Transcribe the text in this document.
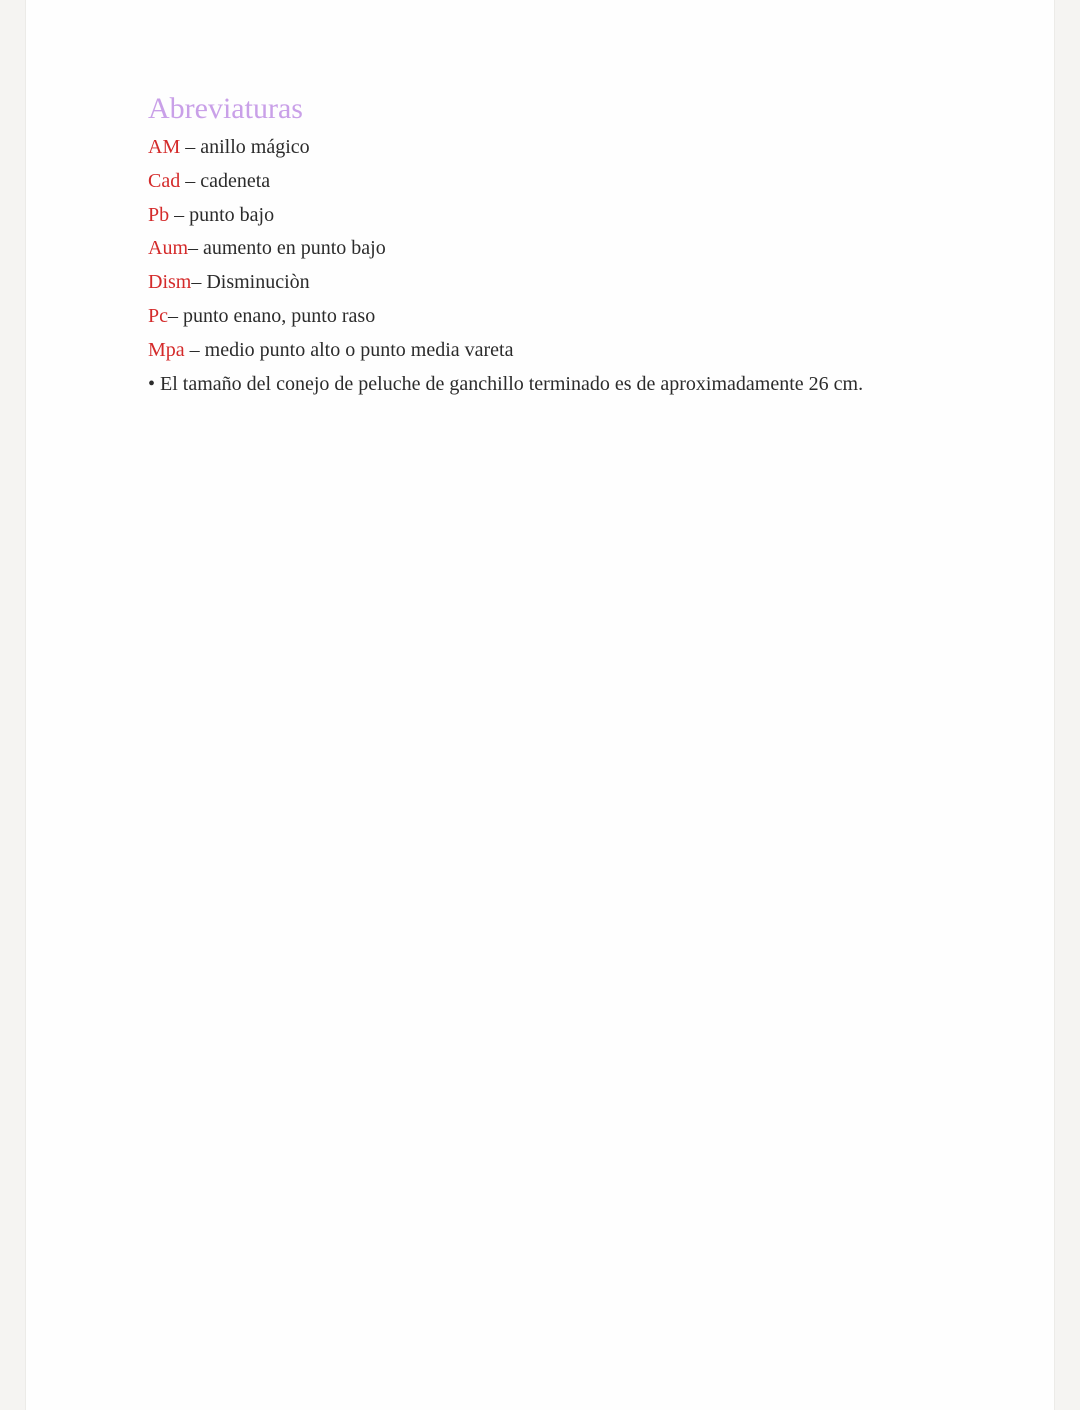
Abreviaturas
AM – anillo mágico
Cad – cadeneta
Pb – punto bajo
Aum– aumento en punto bajo
Dism– Disminuciòn
Pc– punto enano, punto raso
Mpa – medio punto alto o punto media vareta

• El tamaño del conejo de peluche de ganchillo terminado es de aproximadamente 26 cm.
